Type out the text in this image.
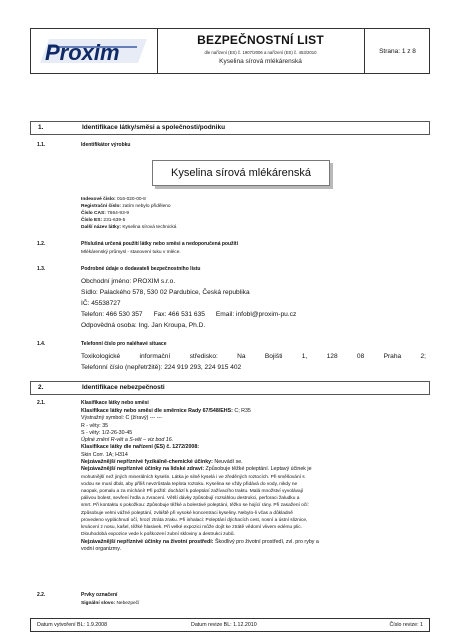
Proxim	BEZPEČNOSTNÍ LIST
dle nařízení (ES) č. 1907/2006 a nařízení (ES) č. 453/2010
Kyselina sírová mlékárenská
Strana: 1 z 8
1.	Identifikace látky/směsi a společnosti/podniku
1.1.	Identifikátor výrobku
Kyselina sírová mlékárenská
Indexové číslo: 016-020-00-8
Registrační číslo: zatím nebylo přiděleno
Číslo CAS: 7664-93-9
Číslo ES: 231-639-5
Další název látky: Kyselina sírová technická
1.2.	Příslušná určená použití látky nebo směsi a nedoporučená použití
Mlékárenský průmysl - stanovení tuku v mléce.
1.3.	Podrobné údaje o dodavateli bezpečnostního listu
Obchodní jméno: PROXIM s.r.o.
Sídlo: Palackého 578, 530 02 Pardubice, Česká republika
IČ: 45538727
Telefon: 466 530 357      Fax: 466 531 635      Email: infobl@proxim-pu.cz
Odpovědná osoba: Ing. Jan Kroupa, Ph.D.
1.4.	Telefonní číslo pro naléhavé situace
Toxikologické informační středisko: Na Bojišti 1, 128 08 Praha 2;
Telefonní číslo (nepřetržitě): 224 919 293, 224 915 402
2.	Identifikace nebezpečnosti
2.1.	Klasifikace látky nebo směsi
Klasifikace látky nebo směsi dle směrnice Rady 67/548/EHS: C; R35
Výstražný symbol: C (žíravý) --- ---
R - věty: 35
S - věty: 1/2-26-30-45
Úplné znění R-vět a S-vět – viz bod 16.
Klasifikace látky dle nařízení (ES) č. 1272/2008:
Skin Corr. 1A; H314
Nejzávažnější nepříznivé fyzikálně-chemické účinky: Neuvádí se.
Nejzávažnější nepříznivé účinky na lidské zdraví: Způsobuje těžké poleptání. Leptavý účinek je
mohutnější než jiných minerálních kyselin. Látka je silně kyselá i ve zředěných roztocích. Při směšování s
vodou se musí dbát, aby příliš nevzrůstala teplota roztoku. Kyselina se vždy přidává do vody, nikdy ne
naopak, pomalu a za míchání! Při požití: dochází k poleptání zažívacího traktu. Malá množství vyvolávají
pálivou bolest, sevření hrdla a zvracení. Větší dávky způsobují rozsáhlou destrukci, perforaci žaludku a
smrt. Při kontaktu s pokožkou: Způsobuje těžké a bolestivé poleptání, těžko se hojící rány. Při zasažení očí:
Způsobuje velmi vážné poleptání, zvláště při vysoké koncentraci kyseliny. Nebylo-li včas a důkladně
provedeno vypláchnutí očí, hrozí ztráta zraku. Při inhalaci: Poleptání dýchacích cest, nosní a ústní sliznice,
krvácení z nosu, kašel, těžké hlasivek. Při velké expozici může dojít ke ztrátě vědomí vlivem edému plic.
Dlouhodobá expozice vede k poškození zubní skloviny a destrukci zubů.
Nejzávažnější nepříznivé účinky na životní prostředí: Škodlivý pro životní prostředí, zvl. pro ryby a
vodní organizmy.
2.2.	Prvky označení
Signální slovo: Nebezpečí
Datum vytvoření BL: 1.9.2008	Datum revize BL: 1.12.2010	Číslo revize: 1
